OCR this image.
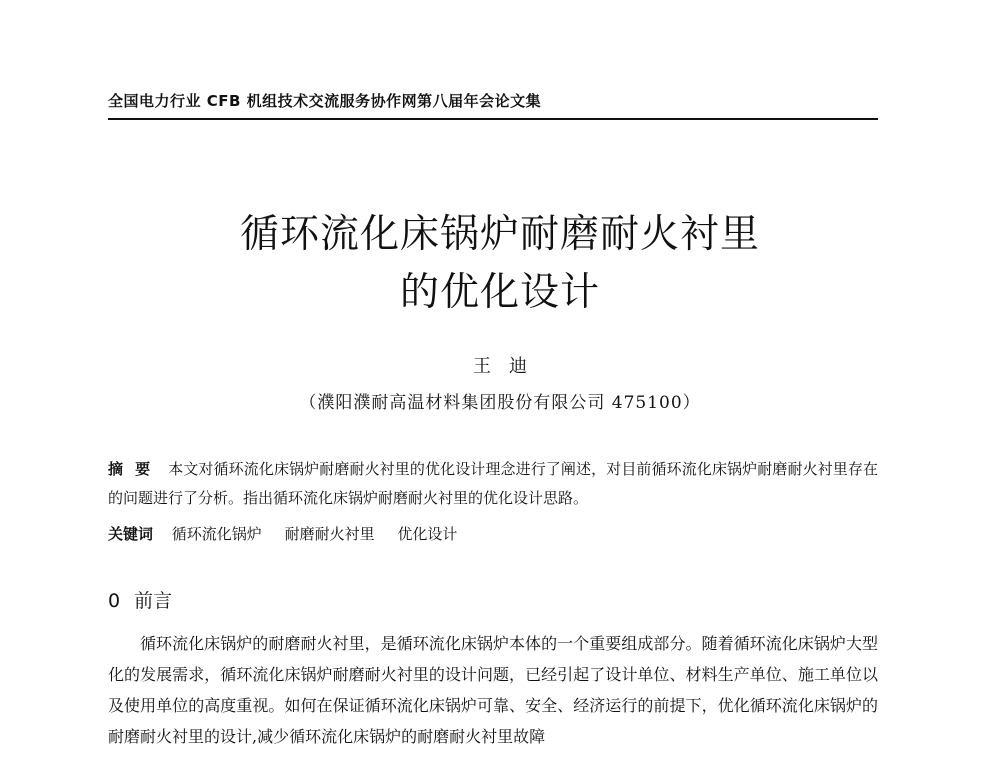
全国电力行业 CFB 机组技术交流服务协作网第八届年会论文集
循环流化床锅炉耐磨耐火衬里
的优化设计
王迪
（濮阳濮耐高温材料集团股份有限公司 475100）
摘要 本文对循环流化床锅炉耐磨耐火衬里的优化设计理念进行了阐述，对目前循环流化床锅炉耐磨耐火衬里存在的问题进行了分析。指出循环流化床锅炉耐磨耐火衬里的优化设计思路。
关键词 循环流化锅炉 耐磨耐火衬里 优化设计
0 前言

循环流化床锅炉的耐磨耐火衬里，是循环流化床锅炉本体的一个重要组成部分。随着循环流化床锅炉大型化的发展需求，循环流化床锅炉耐磨耐火衬里的设计问题，已经引起了设计单位、材料生产单位、施工单位以及使用单位的高度重视。如何在保证循环流化床锅炉可靠、安全、经济运行的前提下，优化循环流化床锅炉的耐磨耐火衬里的设计,减少循环流化床锅炉的耐磨耐火衬里故障
